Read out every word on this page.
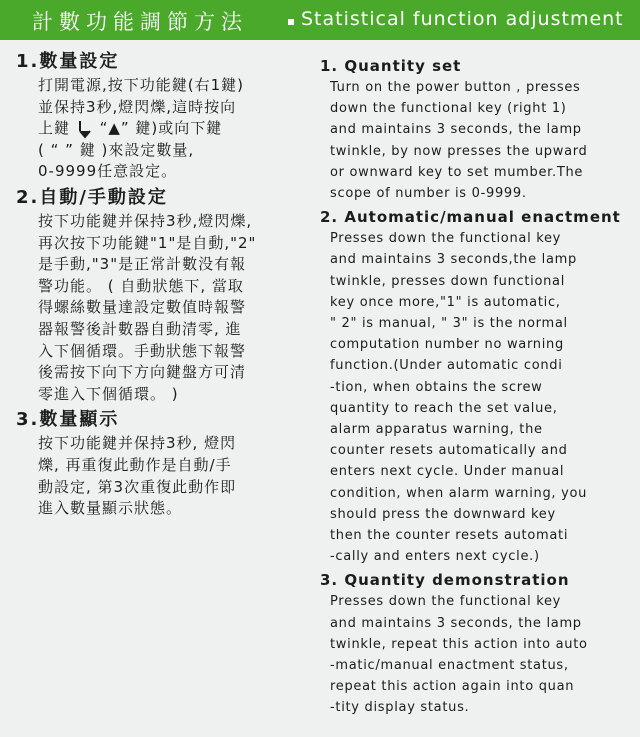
計數功能調節方法	Statistical function adjustment

1.數量設定

打開電源,按下功能鍵(右1鍵)
並保持3秒,燈閃爍,這時按向
上鍵 “▲” 鍵)或向下鍵
( “ ” 鍵 )來設定數量,
0-9999任意設定。

2.自動/手動設定

按下功能鍵并保持3秒,燈閃爍,
再次按下功能鍵"1"是自動,"2"
是手動,"3"是正常計數没有報
警功能。 ( 自動狀態下, 當取
得螺絲數量達設定數值時報警
器報警後計數器自動清零, 進
入下個循環。手動狀態下報警
後需按下向下方向鍵盤方可清
零進入下個循環。 )

3.數量顯示

按下功能鍵并保持3秒, 燈閃
爍, 再重復此動作是自動/手
動設定, 第3次重復此動作即
進入數量顯示狀態。

1. Quantity set

Turn on the power button , presses
down the functional key (right 1)
and maintains 3 seconds, the lamp
twinkle, by now presses the upward
or ownward key to set mumber.The
scope of number is 0-9999.

2. Automatic/manual enactment

Presses down the functional key
and maintains 3 seconds,the lamp
twinkle, presses down functional
key once more,"1" is automatic,
" 2" is manual, " 3" is the normal
computation number no warning
function.(Under automatic condi
-tion, when obtains the screw
quantity to reach the set value,
alarm apparatus warning, the
counter resets automatically and
enters next cycle. Under manual
condition, when alarm warning, you
should press the downward key
then the counter resets automati
-cally and enters next cycle.)

3. Quantity demonstration

Presses down the functional key
and maintains 3 seconds, the lamp
twinkle, repeat this action into auto
-matic/manual enactment status,
repeat this action again into quan
-tity display status.
